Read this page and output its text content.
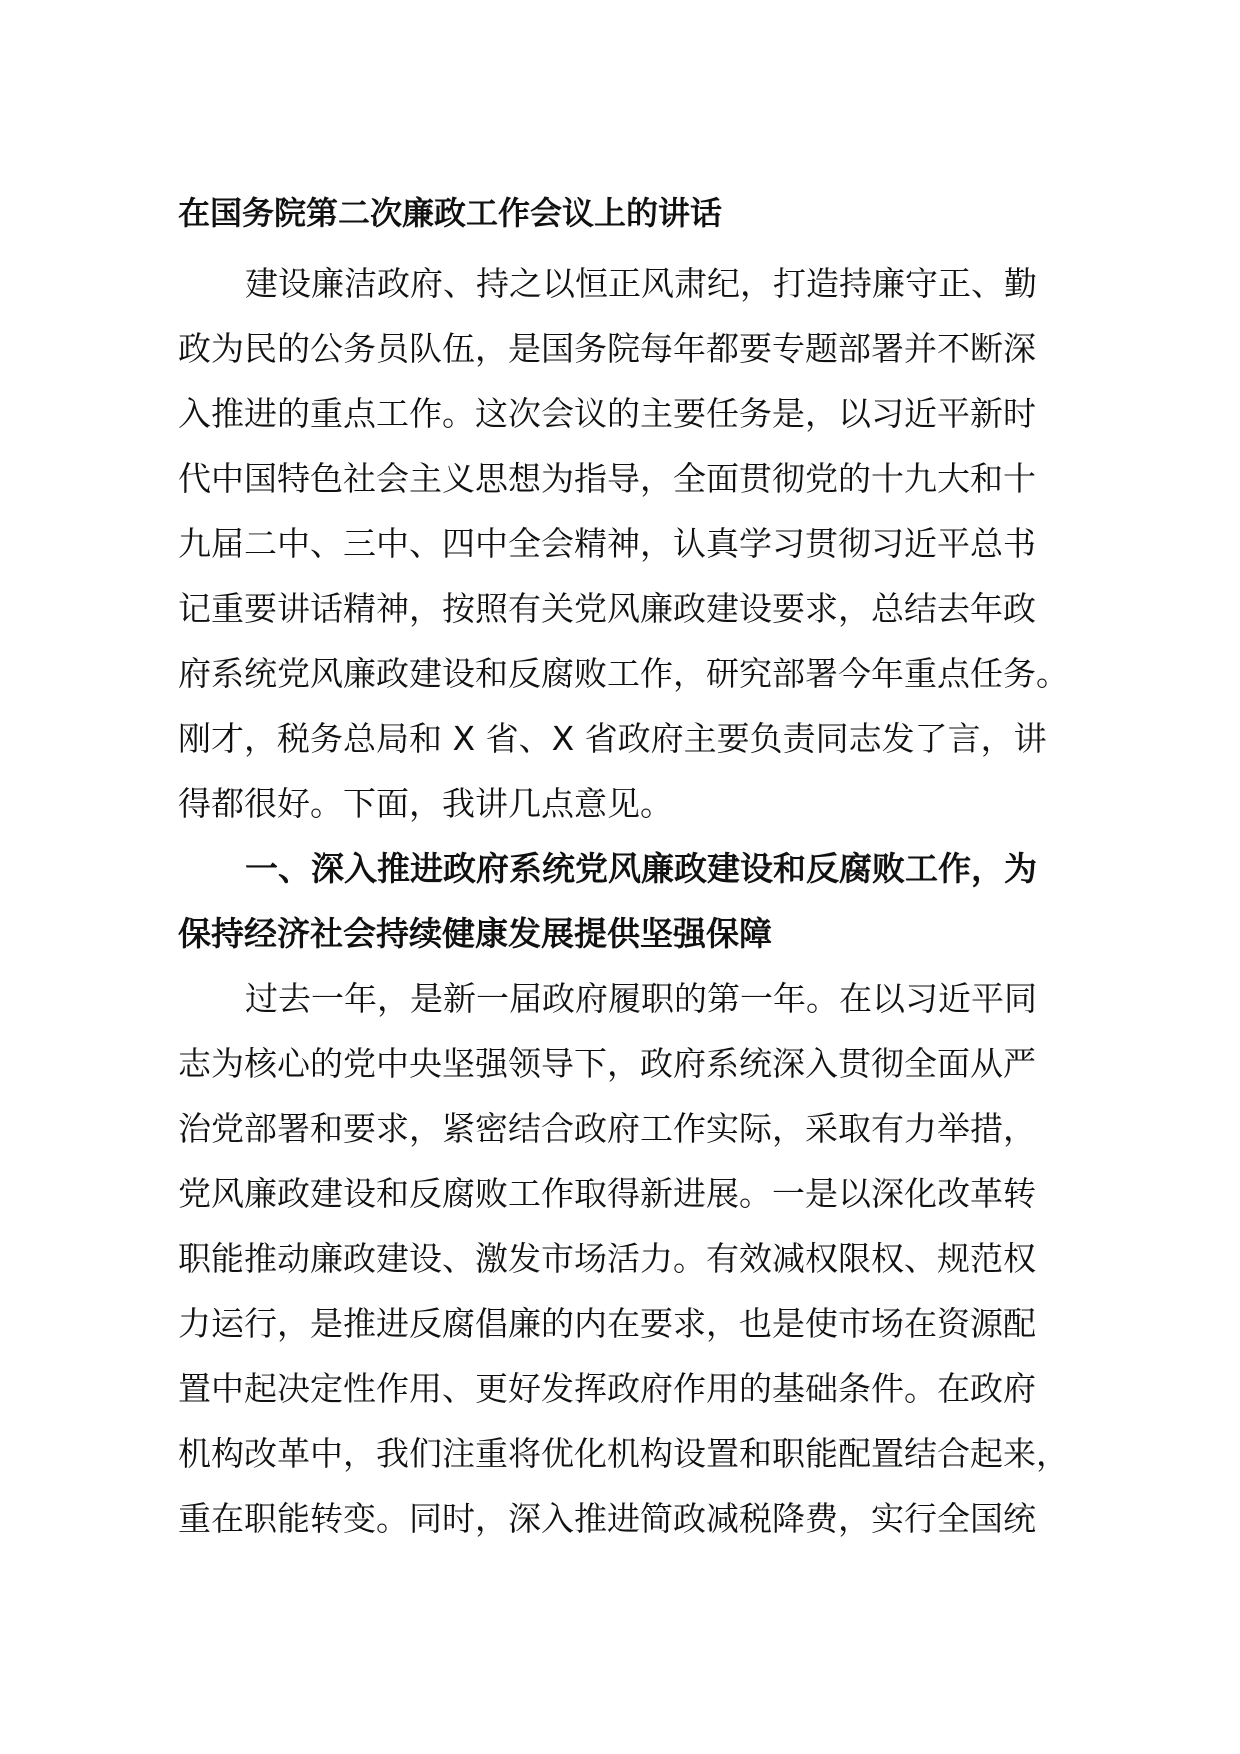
在国务院第二次廉政工作会议上的讲话
建设廉洁政府、持之以恒正风肃纪，打造持廉守正、勤
政为民的公务员队伍，是国务院每年都要专题部署并不断深
入推进的重点工作。这次会议的主要任务是，以习近平新时
代中国特色社会主义思想为指导，全面贯彻党的十九大和十
九届二中、三中、四中全会精神，认真学习贯彻习近平总书
记重要讲话精神，按照有关党风廉政建设要求，总结去年政
府系统党风廉政建设和反腐败工作，研究部署今年重点任务。
刚才，税务总局和 X 省、X 省政府主要负责同志发了言，讲
得都很好。下面，我讲几点意见。
一、深入推进政府系统党风廉政建设和反腐败工作，为
保持经济社会持续健康发展提供坚强保障
过去一年，是新一届政府履职的第一年。在以习近平同
志为核心的党中央坚强领导下，政府系统深入贯彻全面从严
治党部署和要求，紧密结合政府工作实际，采取有力举措，
党风廉政建设和反腐败工作取得新进展。一是以深化改革转
职能推动廉政建设、激发市场活力。有效减权限权、规范权
力运行，是推进反腐倡廉的内在要求，也是使市场在资源配
置中起决定性作用、更好发挥政府作用的基础条件。在政府
机构改革中，我们注重将优化机构设置和职能配置结合起来，
重在职能转变。同时，深入推进简政减税降费，实行全国统
